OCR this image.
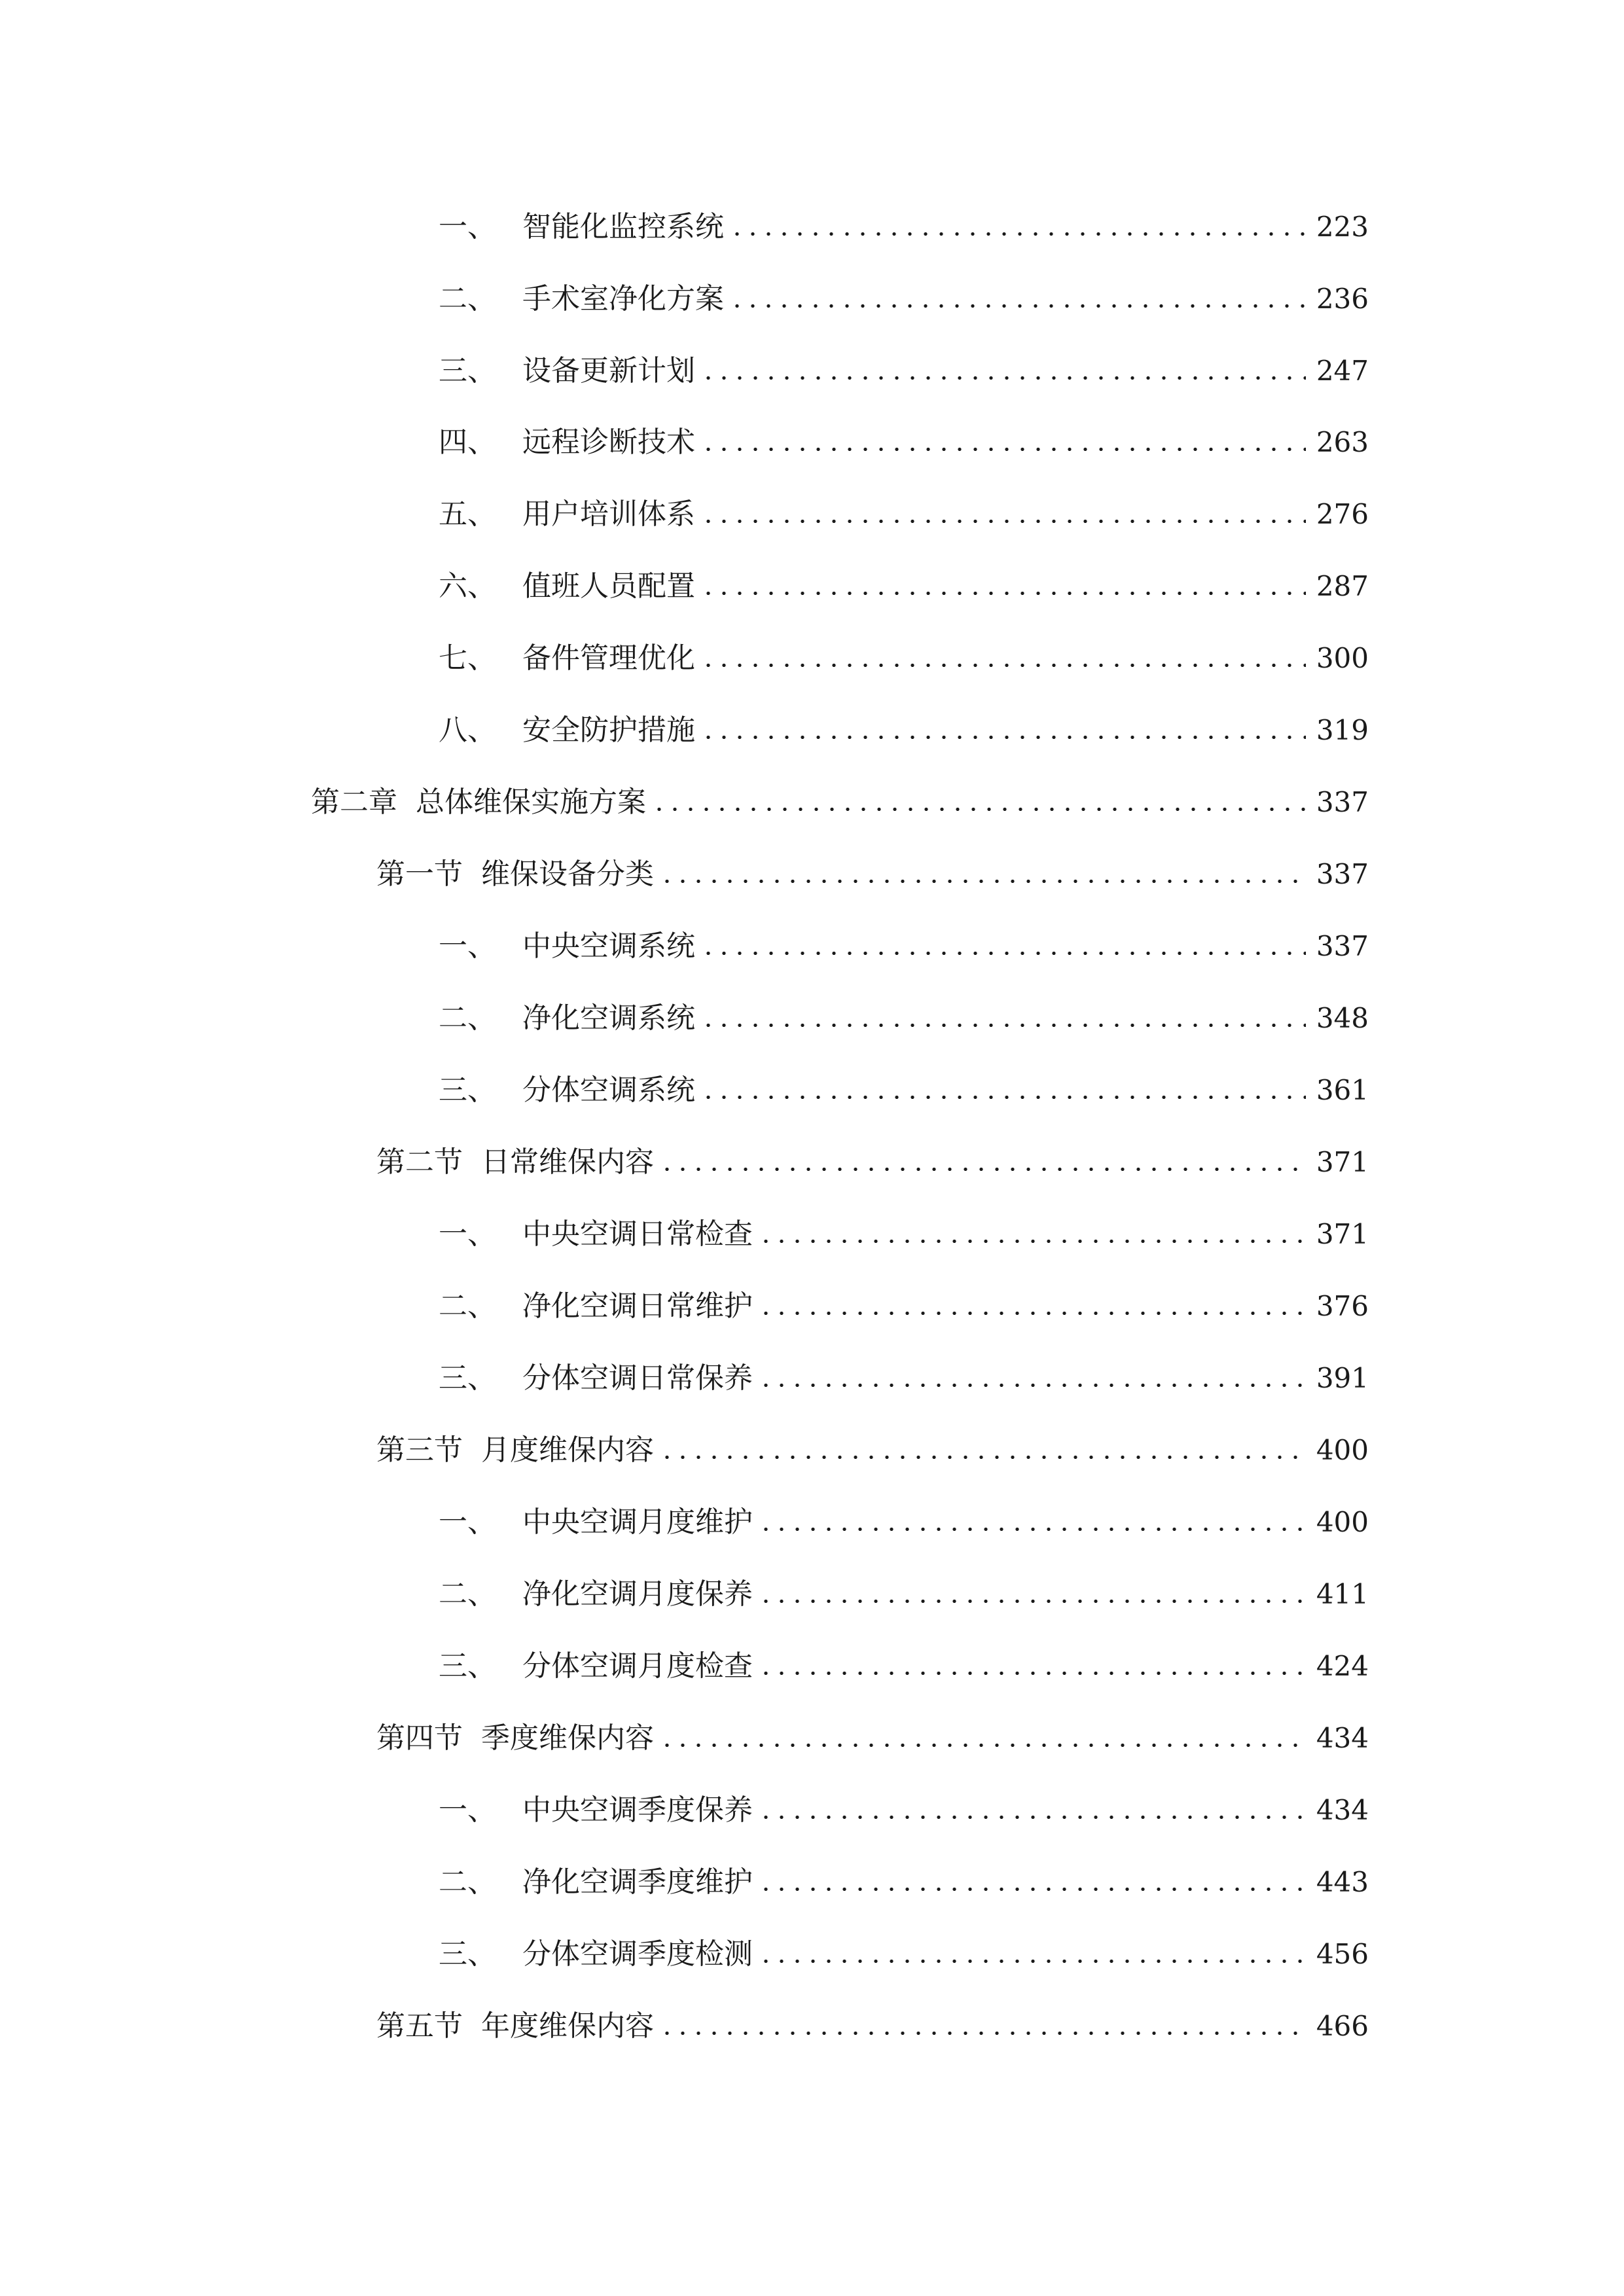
一、 智能化监控系统	223
二、 手术室净化方案	236
三、 设备更新计划	247
四、 远程诊断技术	263
五、 用户培训体系	276
六、 值班人员配置	287
七、 备件管理优化	300
八、 安全防护措施	319
第二章 总体维保实施方案	337
第一节 维保设备分类	337
一、 中央空调系统	337
二、 净化空调系统	348
三、 分体空调系统	361
第二节 日常维保内容	371
一、 中央空调日常检查	371
二、 净化空调日常维护	376
三、 分体空调日常保养	391
第三节 月度维保内容	400
一、 中央空调月度维护	400
二、 净化空调月度保养	411
三、 分体空调月度检查	424
第四节 季度维保内容	434
一、 中央空调季度保养	434
二、 净化空调季度维护	443
三、 分体空调季度检测	456
第五节 年度维保内容	466
